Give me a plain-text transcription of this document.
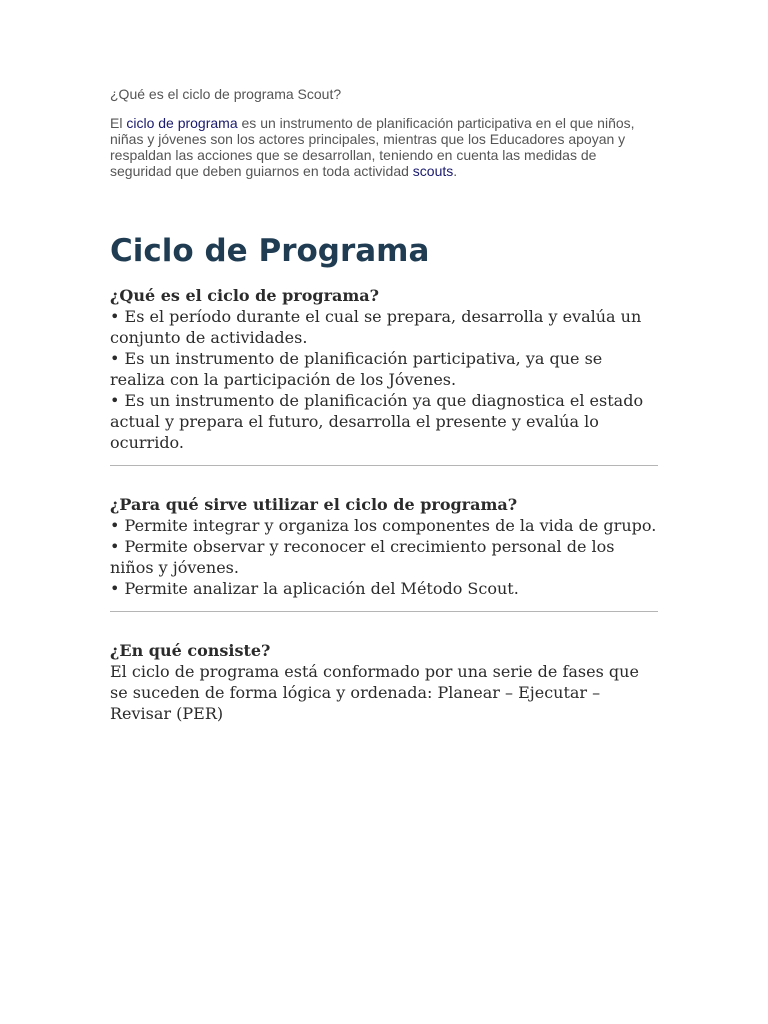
¿Qué es el ciclo de programa Scout?

El ciclo de programa es un instrumento de planificación participativa en el que niños, niñas y jóvenes son los actores principales, mientras que los Educadores apoyan y respaldan las acciones que se desarrollan, teniendo en cuenta las medidas de seguridad que deben guiarnos en toda actividad scouts.

Ciclo de Programa

¿Qué es el ciclo de programa?

• Es el período durante el cual se prepara, desarrolla y evalúa un conjunto de actividades.

• Es un instrumento de planificación participativa, ya que se realiza con la participación de los Jóvenes.

• Es un instrumento de planificación ya que diagnostica el estado actual y prepara el futuro, desarrolla el presente y evalúa lo ocurrido.

¿Para qué sirve utilizar el ciclo de programa?

• Permite integrar y organiza los componentes de la vida de grupo.

• Permite observar y reconocer el crecimiento personal de los niños y jóvenes.

• Permite analizar la aplicación del Método Scout.

¿En qué consiste?

El ciclo de programa está conformado por una serie de fases que se suceden de forma lógica y ordenada: Planear – Ejecutar – Revisar (PER)
